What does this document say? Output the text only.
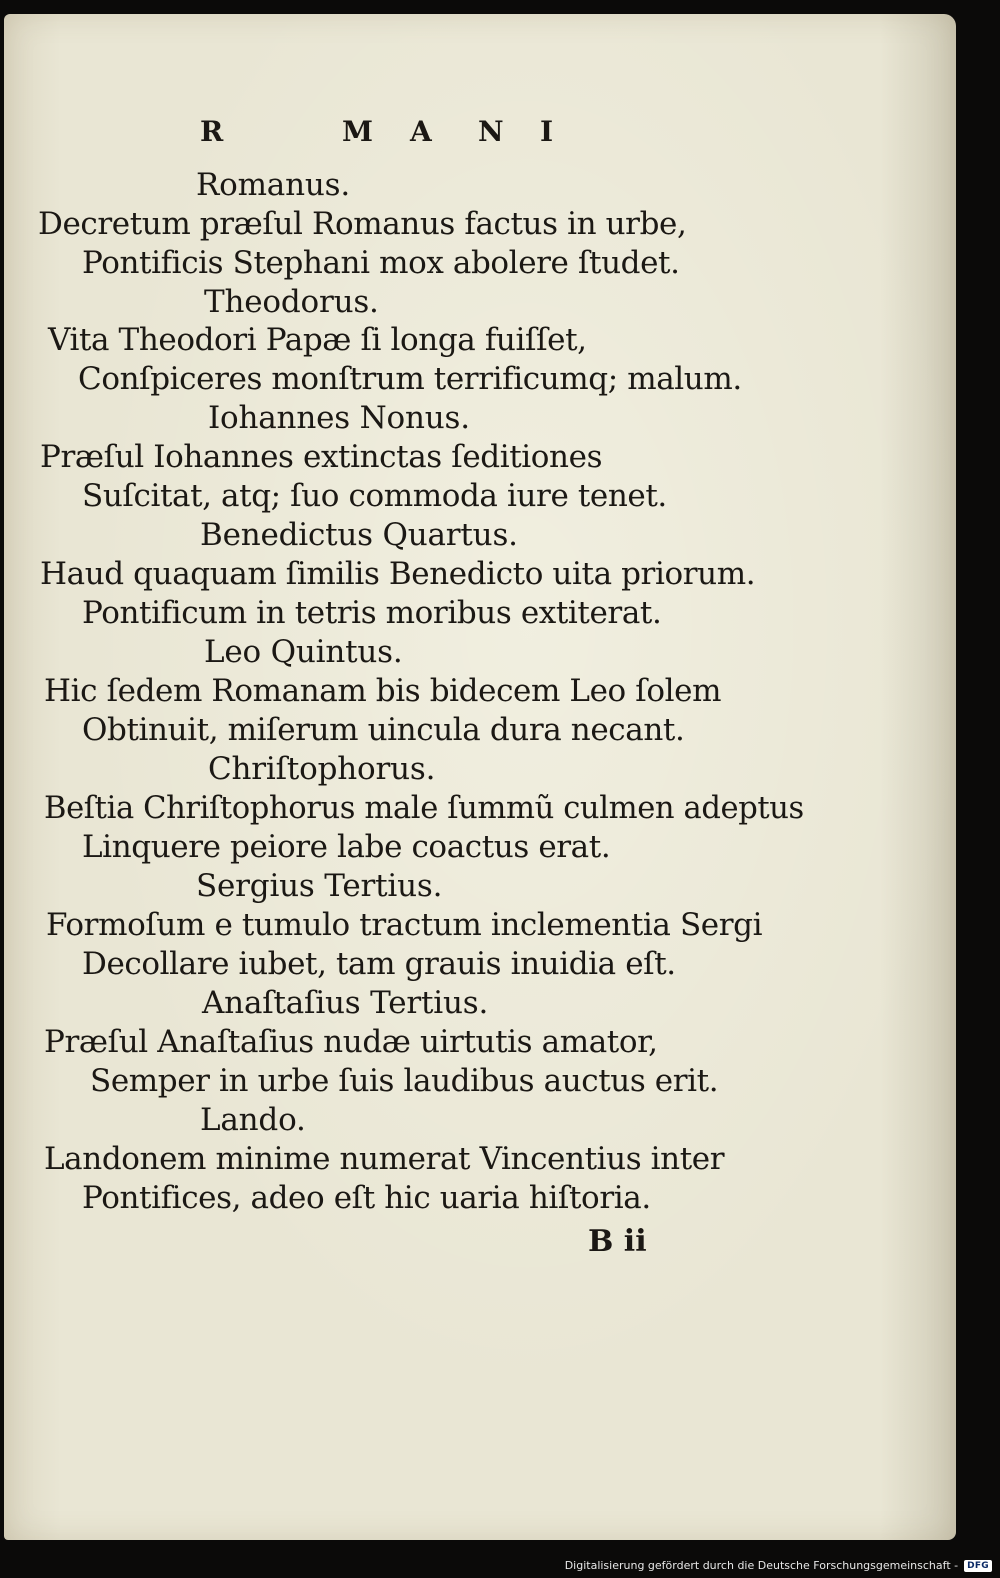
R	M A N I
Romanus.
Decretum præſul Romanus factus in urbe,
Pontificis Stephani mox abolere ſtudet.
Theodorus.
Vita Theodori Papæ ſi longa fuiſſet,
Conſpiceres monſtrum terrificumq; malum.
Iohannes Nonus.
Præſul Iohannes extinctas ſeditiones
Suſcitat, atq; ſuo commoda iure tenet.
Benedictus Quartus.
Haud quaquam ſimilis Benedicto uita priorum.
Pontificum in tetris moribus extiterat.
Leo Quintus.
Hic ſedem Romanam bis bidecem Leo ſolem
Obtinuit, miſerum uincula dura necant.
Chriſtophorus.
Beſtia Chriſtophorus male ſummũ culmen adeptus
Linquere peiore labe coactus erat.
Sergius Tertius.
Formoſum e tumulo tractum inclementia Sergi
Decollare iubet, tam grauis inuidia eſt.
Anaſtaſius Tertius.
Præſul Anaſtaſius nudæ uirtutis amator,
Semper in urbe ſuis laudibus auctus erit.
Lando.
Landonem minime numerat Vincentius inter
Pontifices, adeo eſt hic uaria hiſtoria.
B ii
Digitalisierung gefördert durch die Deutsche Forschungsgemeinschaft -	DFG
